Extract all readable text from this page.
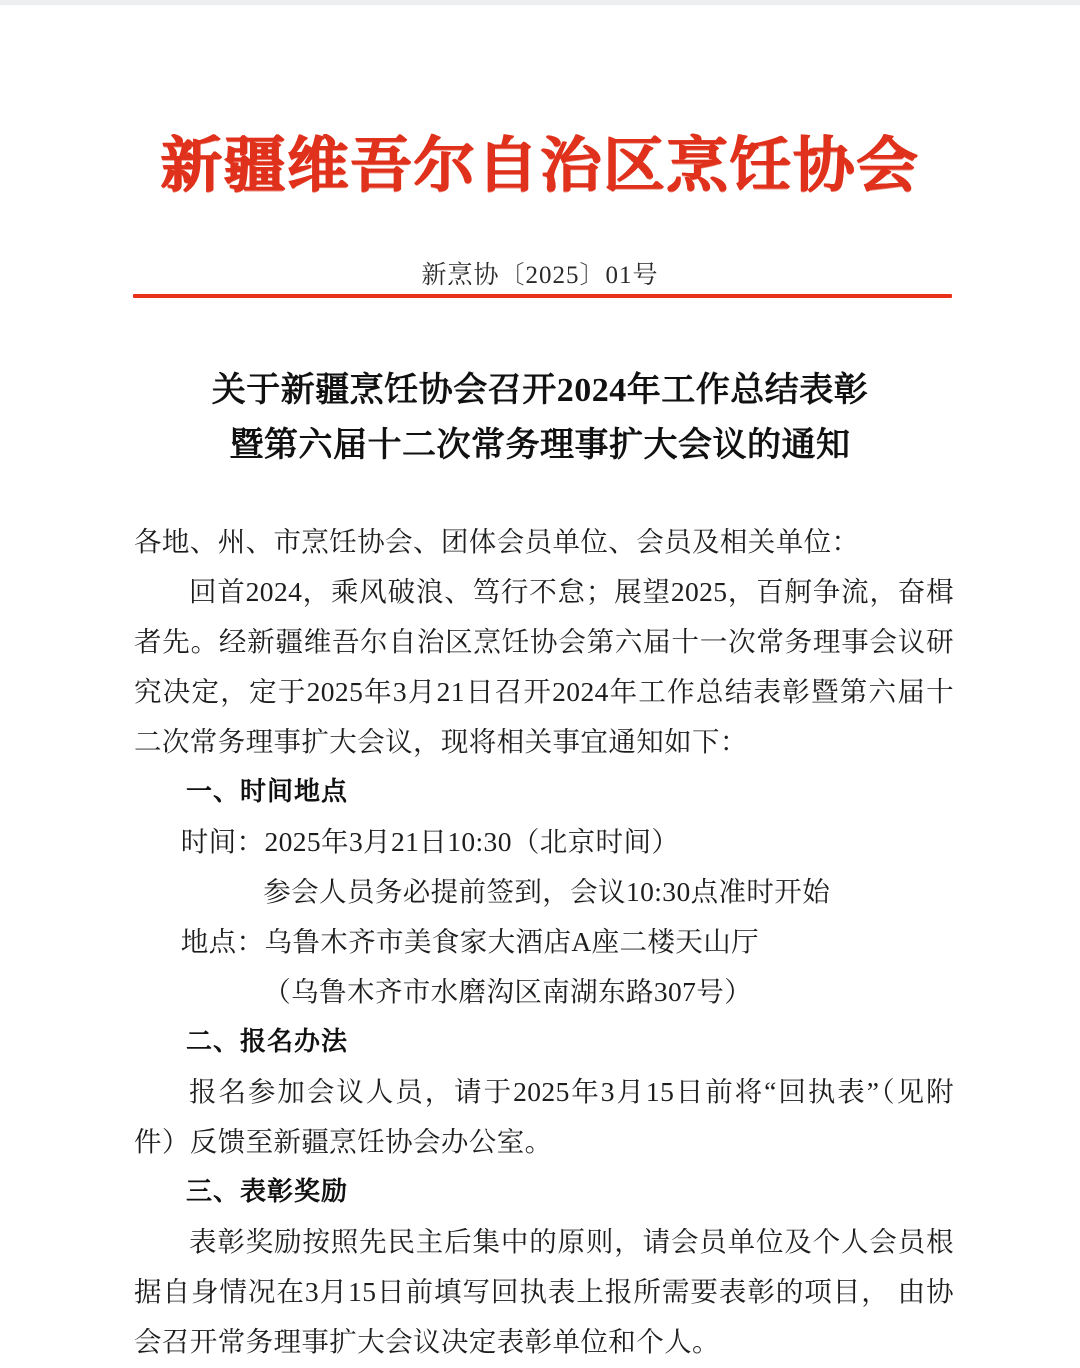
新疆维吾尔自治区烹饪协会
新烹协〔2025〕01号
关于新疆烹饪协会召开2024年工作总结表彰
暨第六届十二次常务理事扩大会议的通知

各地、州、市烹饪协会、团体会员单位、会员及相关单位：

回首2024，乘风破浪、笃行不怠；展望2025，百舸争流，奋楫者先。经新疆维吾尔自治区烹饪协会第六届十一次常务理事会议研究决定，定于2025年3月21日召开2024年工作总结表彰暨第六届十二次常务理事扩大会议，现将相关事宜通知如下：

一、时间地点

时间：2025年3月21日10:30（北京时间）

参会人员务必提前签到，会议10:30点准时开始

地点：乌鲁木齐市美食家大酒店A座二楼天山厅

（乌鲁木齐市水磨沟区南湖东路307号）

二、报名办法

报名参加会议人员，请于2025年3月15日前将“回执表”（见附件）反馈至新疆烹饪协会办公室。

三、表彰奖励

表彰奖励按照先民主后集中的原则，请会员单位及个人会员根据自身情况在3月15日前填写回执表上报所需要表彰的项目， 由协会召开常务理事扩大会议决定表彰单位和个人。
